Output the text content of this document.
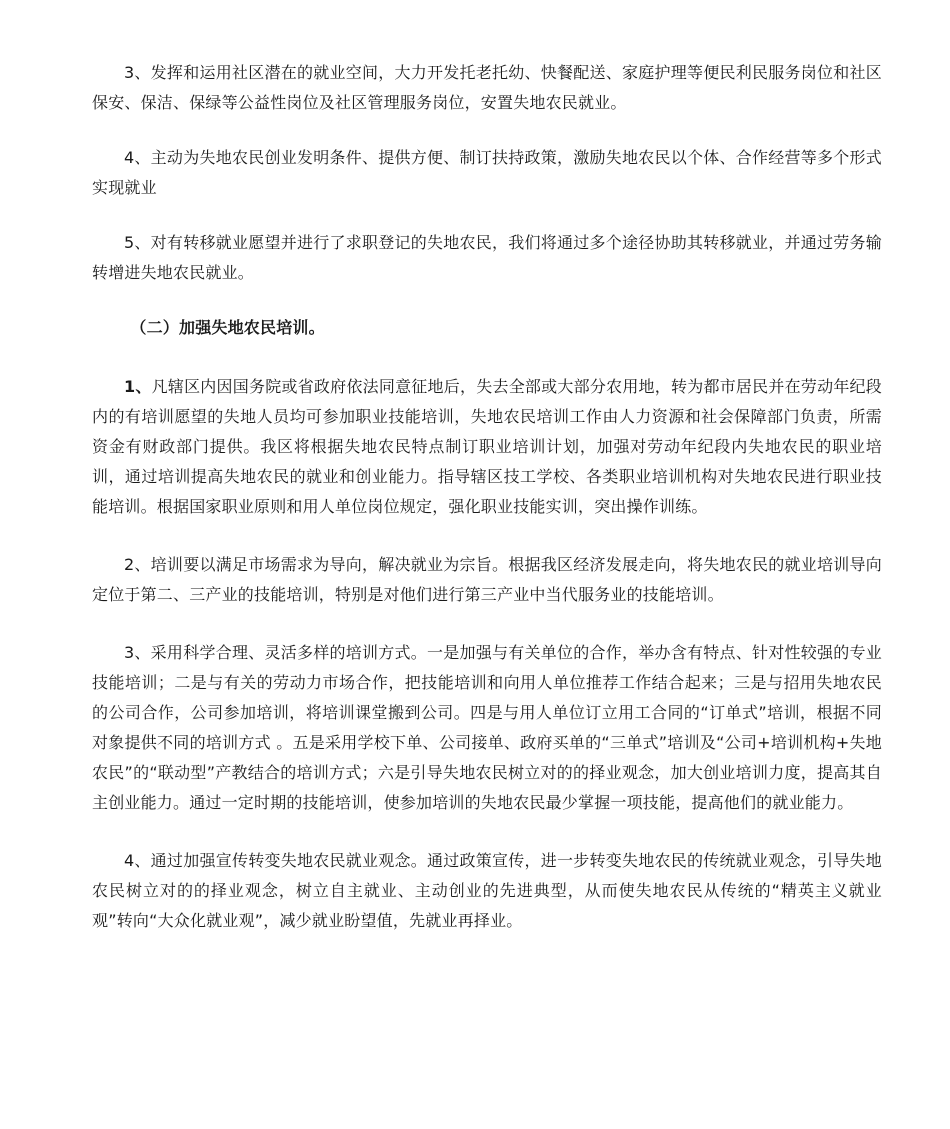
3、发挥和运用社区潜在的就业空间，大力开发托老托幼、快餐配送、家庭护理等便民利民服务岗位和社区保安、保洁、保绿等公益性岗位及社区管理服务岗位，安置失地农民就业。

4、主动为失地农民创业发明条件、提供方便、制订扶持政策，激励失地农民以个体、合作经营等多个形式实现就业

5、对有转移就业愿望并进行了求职登记的失地农民，我们将通过多个途径协助其转移就业，并通过劳务输转增进失地农民就业。

（二）加强失地农民培训。

1、凡辖区内因国务院或省政府依法同意征地后，失去全部或大部分农用地，转为都市居民并在劳动年纪段内的有培训愿望的失地人员均可参加职业技能培训，失地农民培训工作由人力资源和社会保障部门负责，所需资金有财政部门提供。我区将根据失地农民特点制订职业培训计划，加强对劳动年纪段内失地农民的职业培训，通过培训提高失地农民的就业和创业能力。指导辖区技工学校、各类职业培训机构对失地农民进行职业技能培训。根据国家职业原则和用人单位岗位规定，强化职业技能实训，突出操作训练。

2、培训要以满足市场需求为导向，解决就业为宗旨。根据我区经济发展走向，将失地农民的就业培训导向定位于第二、三产业的技能培训，特别是对他们进行第三产业中当代服务业的技能培训。

3、采用科学合理、灵活多样的培训方式。一是加强与有关单位的合作，举办含有特点、针对性较强的专业技能培训；二是与有关的劳动力市场合作，把技能培训和向用人单位推荐工作结合起来；三是与招用失地农民的公司合作，公司参加培训，将培训课堂搬到公司。四是与用人单位订立用工合同的“订单式”培训，根据不同对象提供不同的培训方式 。五是采用学校下单、公司接单、政府买单的“三单式”培训及“公司+培训机构+失地农民”的“联动型”产教结合的培训方式；六是引导失地农民树立对的的择业观念，加大创业培训力度，提高其自主创业能力。通过一定时期的技能培训，使参加培训的失地农民最少掌握一项技能，提高他们的就业能力。

4、通过加强宣传转变失地农民就业观念。通过政策宣传，进一步转变失地农民的传统就业观念，引导失地农民树立对的的择业观念，树立自主就业、主动创业的先进典型，从而使失地农民从传统的“精英主义就业观”转向“大众化就业观”，减少就业盼望值，先就业再择业。
